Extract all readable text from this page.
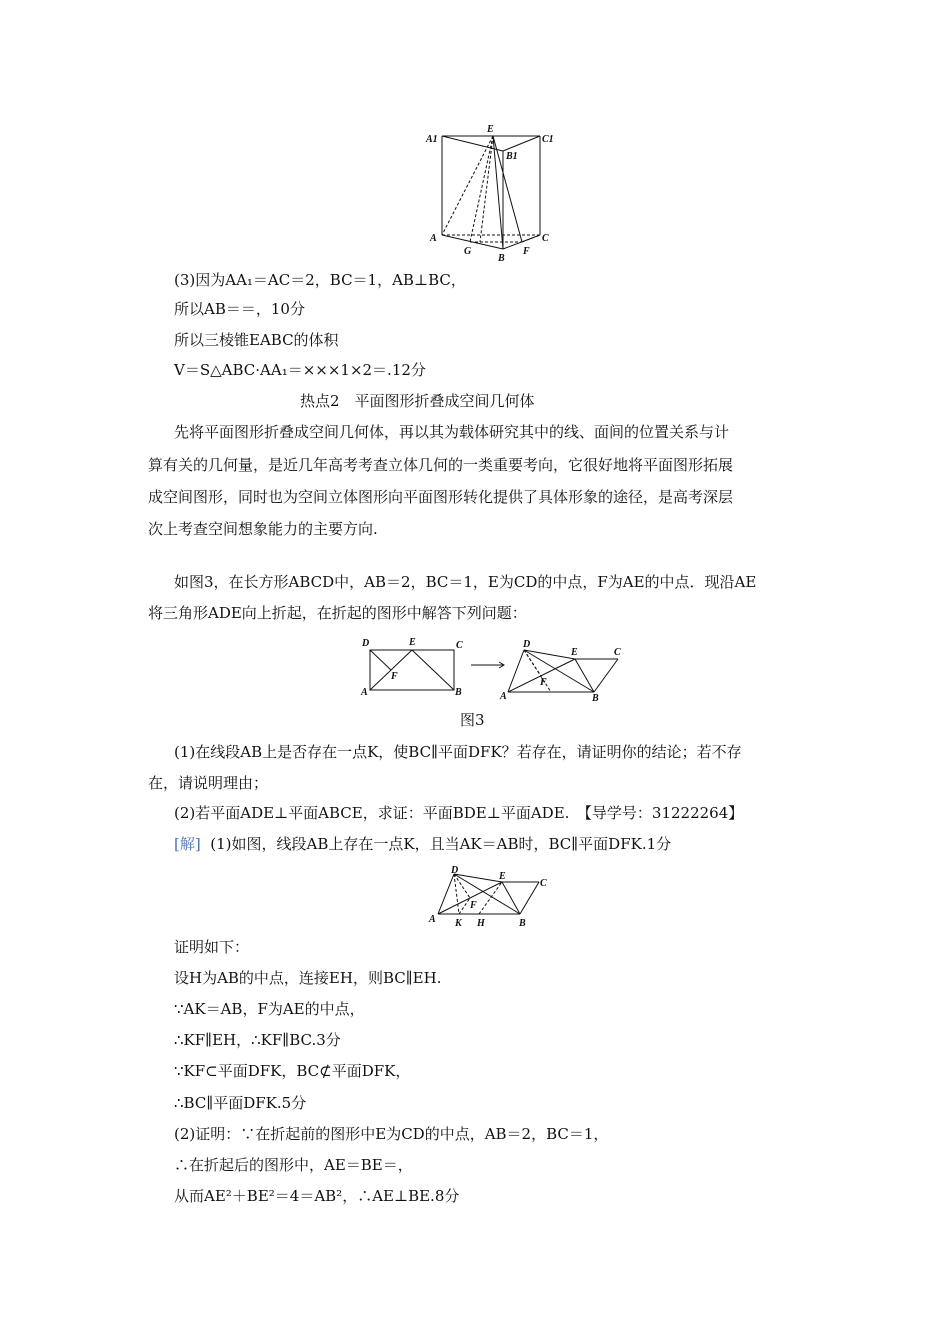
A1
E
C1
B1
A
G
B
F
C
(3)因为AA₁＝AC＝2，BC＝1，AB⊥BC，
所以AB＝＝，10分
所以三棱锥EABC的体积
V＝S△ABC·AA₁＝×××1×2＝.12分
热点2　平面图形折叠成空间几何体
先将平面图形折叠成空间几何体，再以其为载体研究其中的线、面间的位置关系与计
算有关的几何量，是近几年高考考查立体几何的一类重要考向，它很好地将平面图形拓展
成空间图形，同时也为空间立体图形向平面图形转化提供了具体形象的途径，是高考深层
次上考查空间想象能力的主要方向.
如图3，在长方形ABCD中，AB＝2，BC＝1，E为CD的中点，F为AE的中点．现沿AE
将三角形ADE向上折起，在折起的图形中解答下列问题：
D	E	C
F
A	B
D
E	C
F
A	B
图3
(1)在线段AB上是否存在一点K，使BC∥平面DFK？若存在，请证明你的结论；若不存
在，请说明理由；
(2)若平面ADE⊥平面ABCE，求证：平面BDE⊥平面ADE.　【导学号：31222264】
[解] (1)如图，线段AB上存在一点K，且当AK＝AB时，BC∥平面DFK.1分
D
E
C
F
A K H	B
证明如下：
设H为AB的中点，连接EH，则BC∥EH.
∵AK＝AB，F为AE的中点，
∴KF∥EH，∴KF∥BC.3分
∵KF⊂平面DFK，BC⊄平面DFK，
∴BC∥平面DFK.5分
(2)证明：∵在折起前的图形中E为CD的中点，AB＝2，BC＝1，
∴在折起后的图形中，AE＝BE＝，
从而AE²＋BE²＝4＝AB²，∴AE⊥BE.8分
